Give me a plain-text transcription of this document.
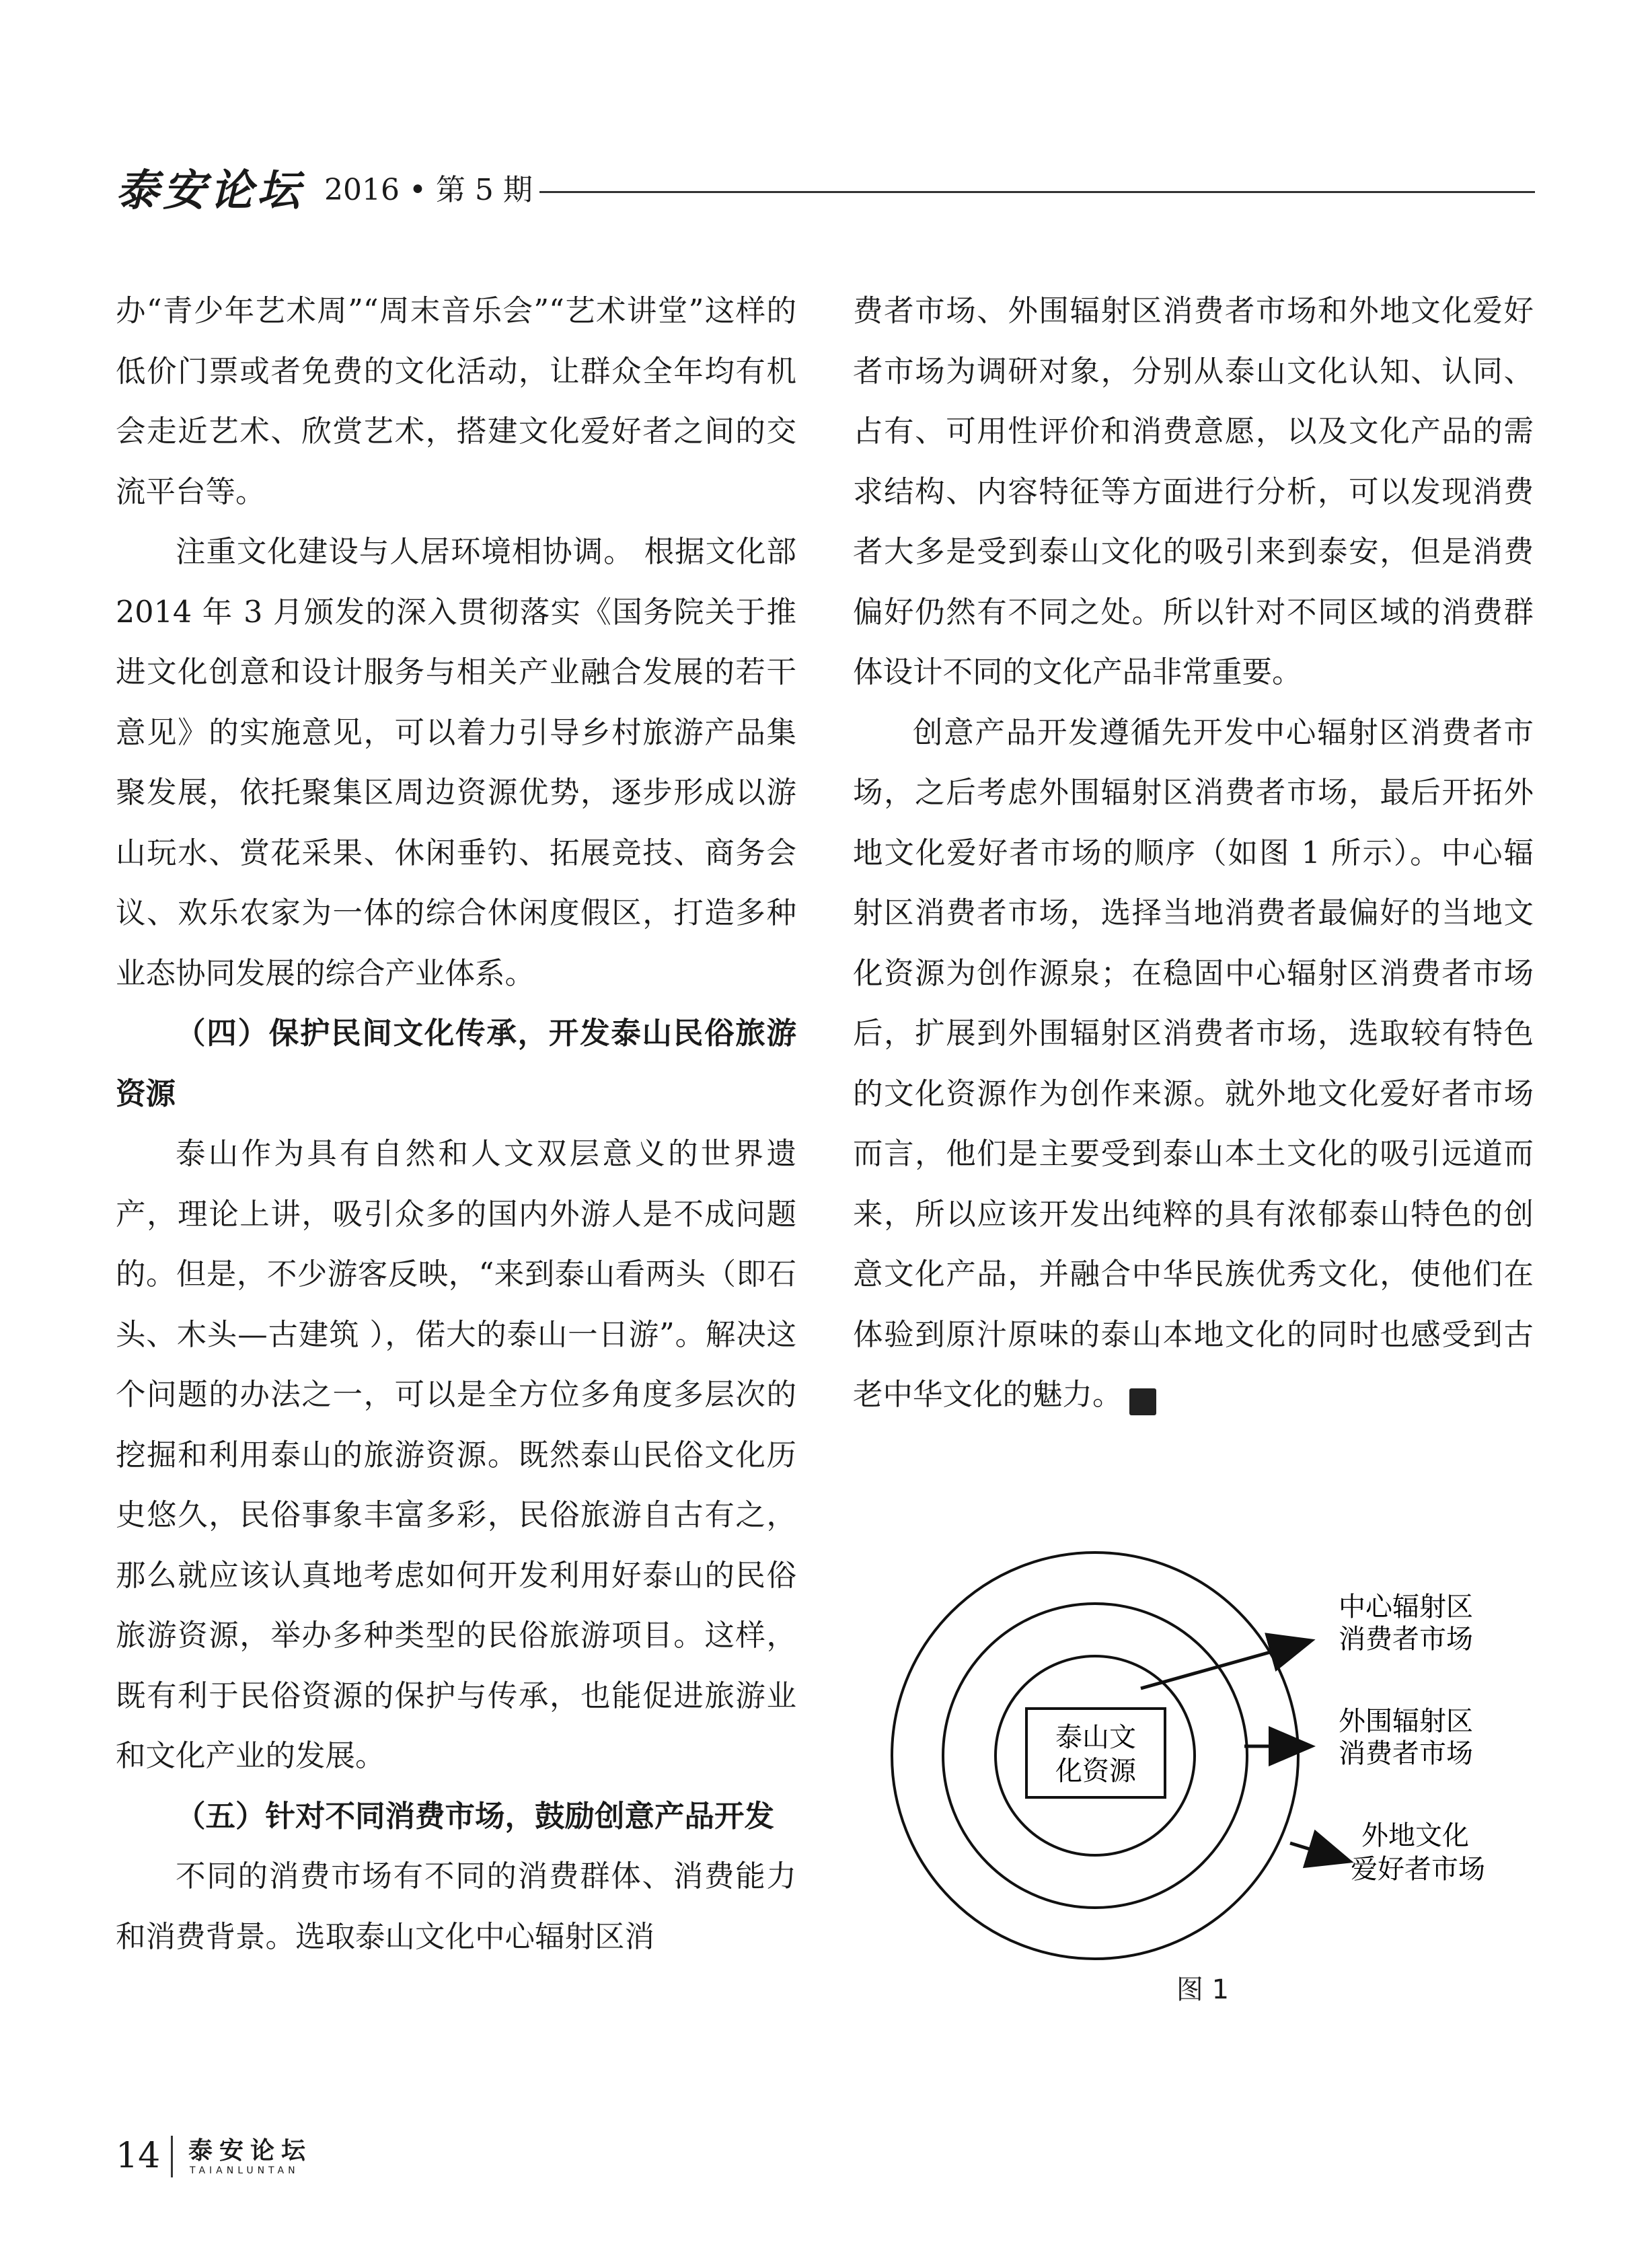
泰安论坛 2016 • 第 5 期

办“青少年艺术周”“周末音乐会”“艺术讲堂”这样的低价门票或者免费的文化活动，让群众全年均有机会走近艺术、欣赏艺术，搭建文化爱好者之间的交流平台等。

注重文化建设与人居环境相协调。 根据文化部 2014 年 3 月颁发的深入贯彻落实《国务院关于推进文化创意和设计服务与相关产业融合发展的若干意见》的实施意见，可以着力引导乡村旅游产品集聚发展，依托聚集区周边资源优势，逐步形成以游山玩水、赏花采果、休闲垂钓、拓展竞技、商务会议、欢乐农家为一体的综合休闲度假区，打造多种业态协同发展的综合产业体系。

（四）保护民间文化传承，开发泰山民俗旅游资源

泰山作为具有自然和人文双层意义的世界遗产，理论上讲，吸引众多的国内外游人是不成问题的。但是，不少游客反映，“来到泰山看两头（即石头、木头—古建筑 ），偌大的泰山一日游”。解决这个问题的办法之一，可以是全方位多角度多层次的挖掘和利用泰山的旅游资源。既然泰山民俗文化历史悠久，民俗事象丰富多彩，民俗旅游自古有之，那么就应该认真地考虑如何开发利用好泰山的民俗旅游资源，举办多种类型的民俗旅游项目。这样，既有利于民俗资源的保护与传承，也能促进旅游业和文化产业的发展。

（五）针对不同消费市场，鼓励创意产品开发

不同的消费市场有不同的消费群体、消费能力和消费背景。选取泰山文化中心辐射区消

费者市场、外围辐射区消费者市场和外地文化爱好者市场为调研对象，分别从泰山文化认知、认同、占有、可用性评价和消费意愿，以及文化产品的需求结构、内容特征等方面进行分析，可以发现消费者大多是受到泰山文化的吸引来到泰安，但是消费偏好仍然有不同之处。所以针对不同区域的消费群体设计不同的文化产品非常重要。

创意产品开发遵循先开发中心辐射区消费者市场，之后考虑外围辐射区消费者市场，最后开拓外地文化爱好者市场的顺序（如图 1 所示）。中心辐射区消费者市场，选择当地消费者最偏好的当地文化资源为创作源泉；在稳固中心辐射区消费者市场后，扩展到外围辐射区消费者市场，选取较有特色的文化资源作为创作来源。就外地文化爱好者市场而言，他们是主要受到泰山本土文化的吸引远道而来，所以应该开发出纯粹的具有浓郁泰山特色的创意文化产品，并融合中华民族优秀文化，使他们在体验到原汁原味的泰山本地文化的同时也感受到古老中华文化的魅力。	泰

泰山文
化资源
中心辐射区
消费者市场
外围辐射区
消费者市场
外地文化
爱好者市场
图 1
14 泰安论坛
TAIANLUNTAN
